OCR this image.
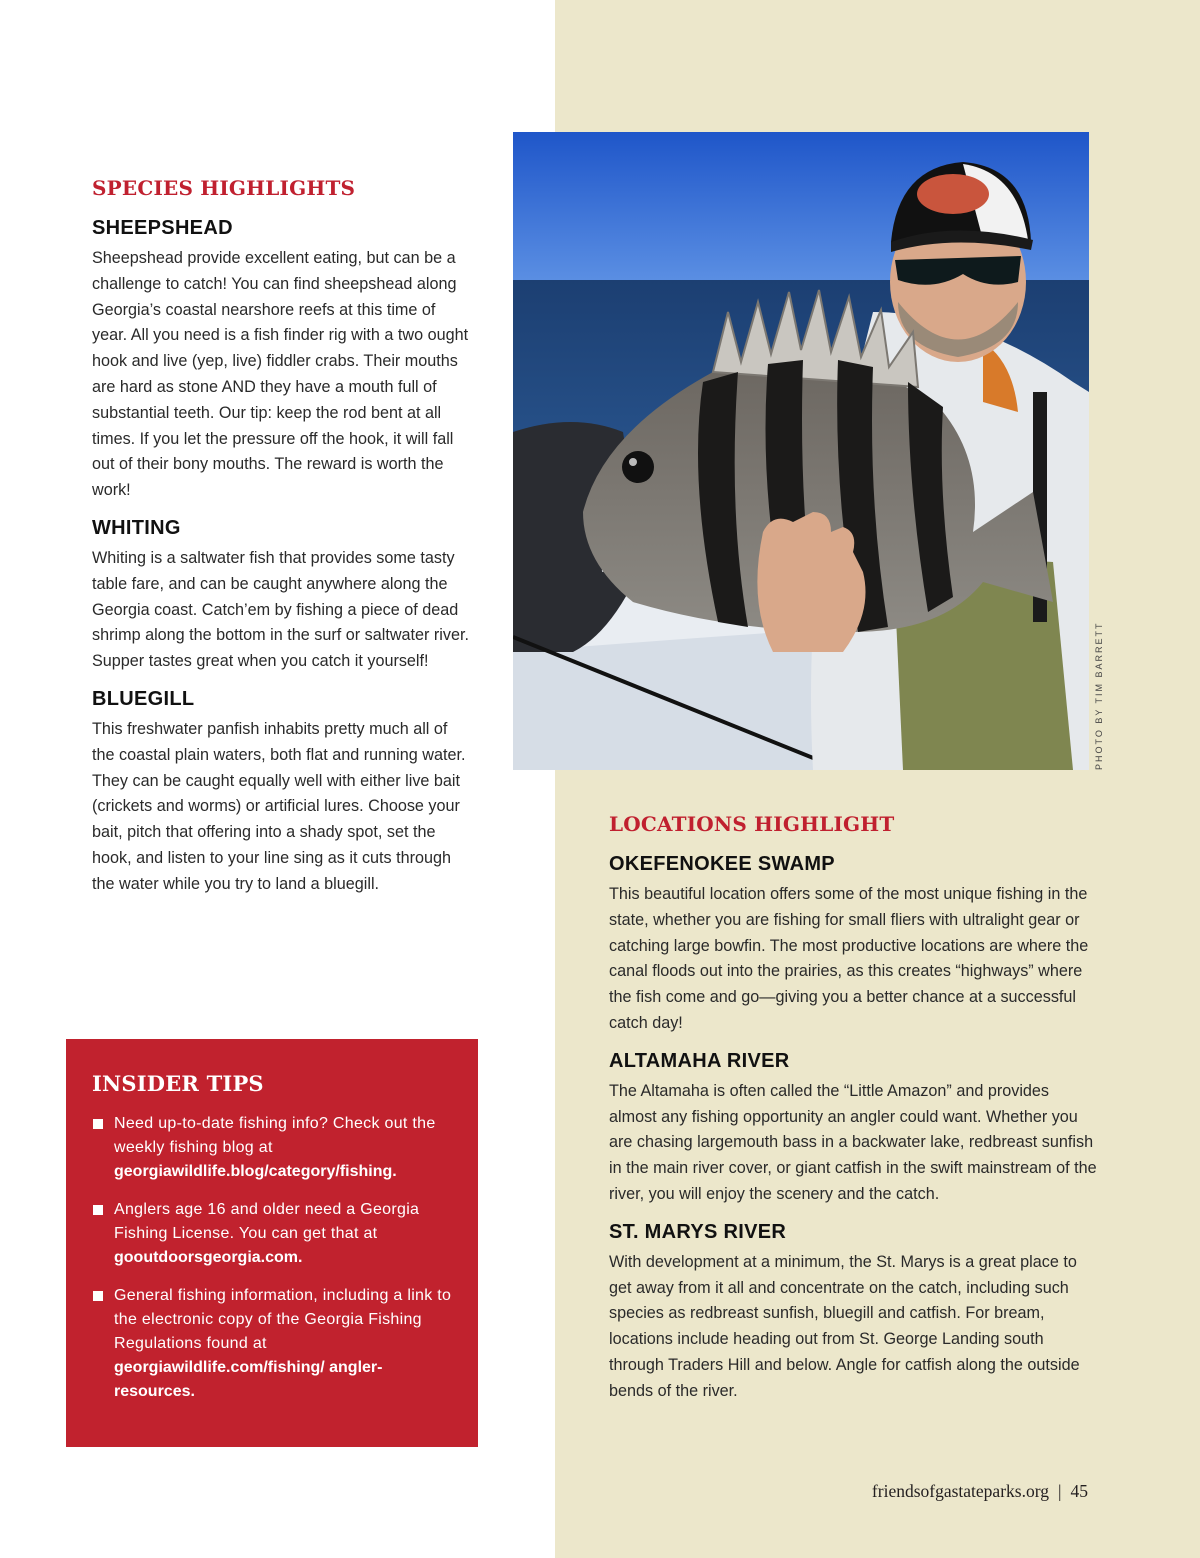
SPECIES HIGHLIGHTS
SHEEPSHEAD

Sheepshead provide excellent eating, but can be a challenge to catch! You can find sheepshead along Georgia’s coastal nearshore reefs at this time of year. All you need is a fish finder rig with a two ought hook and live (yep, live) fiddler crabs. Their mouths are hard as stone AND they have a mouth full of substantial teeth. Our tip: keep the rod bent at all times. If you let the pressure off the hook, it will fall out of their bony mouths. The reward is worth the work!

WHITING

Whiting is a saltwater fish that provides some tasty table fare, and can be caught anywhere along the Georgia coast. Catch’em by fishing a piece of dead shrimp along the bottom in the surf or saltwater river. Supper tastes great when you catch it yourself!

BLUEGILL

This freshwater panfish inhabits pretty much all of the coastal plain waters, both flat and running water. They can be caught equally well with either live bait (crickets and worms) or artificial lures. Choose your bait, pitch that offering into a shady spot, set the hook, and listen to your line sing as it cuts through the water while you try to land a bluegill.

PHOTO BY TIM BARRETT
INSIDER TIPS
Need up-to-date fishing info? Check out the weekly fishing blog at
georgiawildlife.blog/category/fishing.
Anglers age 16 and older need a Georgia Fishing License. You can get that at
gooutdoorsgeorgia.com.
General fishing information, including a link to the electronic copy of the Georgia Fishing Regulations found at
georgiawildlife.com/fishing/ angler-resources.
LOCATIONS HIGHLIGHT
OKEFENOKEE SWAMP

This beautiful location offers some of the most unique fishing in the state, whether you are fishing for small fliers with ultralight gear or catching large bowfin. The most productive locations are where the canal floods out into the prairies, as this creates “highways” where the fish come and go—giving you a better chance at a successful catch day!

ALTAMAHA RIVER

The Altamaha is often called the “Little Amazon” and provides almost any fishing opportunity an angler could want. Whether you are chasing largemouth bass in a backwater lake, redbreast sunfish in the main river cover, or giant catfish in the swift mainstream of the river, you will enjoy the scenery and the catch.

ST. MARYS RIVER

With development at a minimum, the St. Marys is a great place to get away from it all and concentrate on the catch, including such species as redbreast sunfish, bluegill and catfish. For bream, locations include heading out from St. George Landing south through Traders Hill and below. Angle for catfish along the outside bends of the river.

friendsofgastateparks.org | 45
